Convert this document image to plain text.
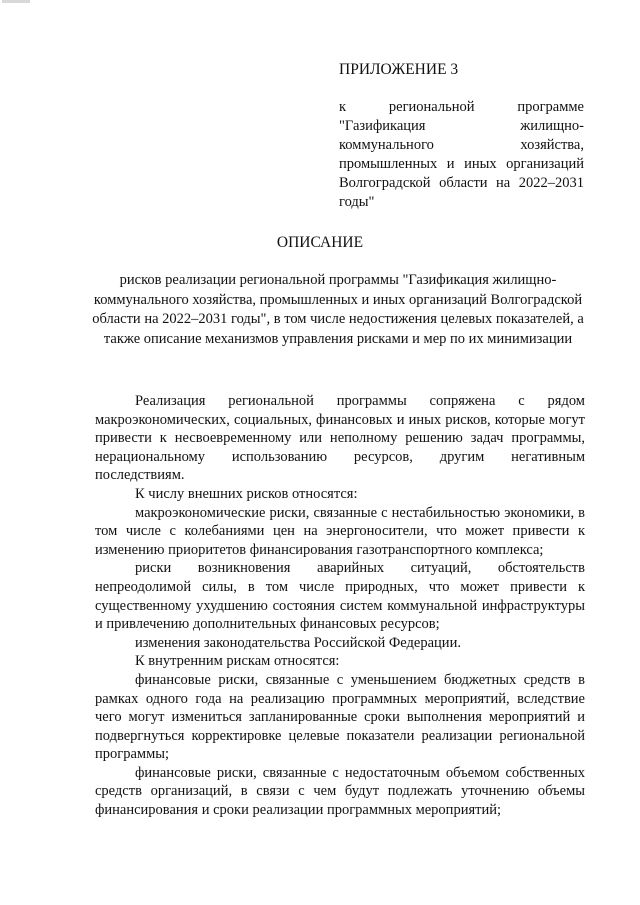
ПРИЛОЖЕНИЕ 3

к региональной программе "Газификация жилищно-коммунального хозяйства, промышленных и иных организаций Волгоградской области на 2022–2031 годы"

ОПИСАНИЕ

рисков реализации региональной программы "Газификация жилищно-коммунального хозяйства, промышленных и иных организаций Волгоградской области на 2022–2031 годы", в том числе недостижения целевых показателей, а также описание механизмов управления рисками и мер по их минимизации

Реализация региональной программы сопряжена с рядом макроэкономических, социальных, финансовых и иных рисков, которые могут привести к несвоевременному или неполному решению задач программы, нерациональному использованию ресурсов, другим негативным последствиям.

К числу внешних рисков относятся:

макроэкономические риски, связанные с нестабильностью экономики, в том числе с колебаниями цен на энергоносители, что может привести к изменению приоритетов финансирования газотранспортного комплекса;

риски возникновения аварийных ситуаций, обстоятельств непреодолимой силы, в том числе природных, что может привести к существенному ухудшению состояния систем коммунальной инфраструктуры и привлечению дополнительных финансовых ресурсов;

изменения законодательства Российской Федерации.

К внутренним рискам относятся:

финансовые риски, связанные с уменьшением бюджетных средств в рамках одного года на реализацию программных мероприятий, вследствие чего могут измениться запланированные сроки выполнения мероприятий и подвергнуться корректировке целевые показатели реализации региональной программы;

финансовые риски, связанные с недостаточным объемом собственных средств организаций, в связи с чем будут подлежать уточнению объемы финансирования и сроки реализации программных мероприятий;
